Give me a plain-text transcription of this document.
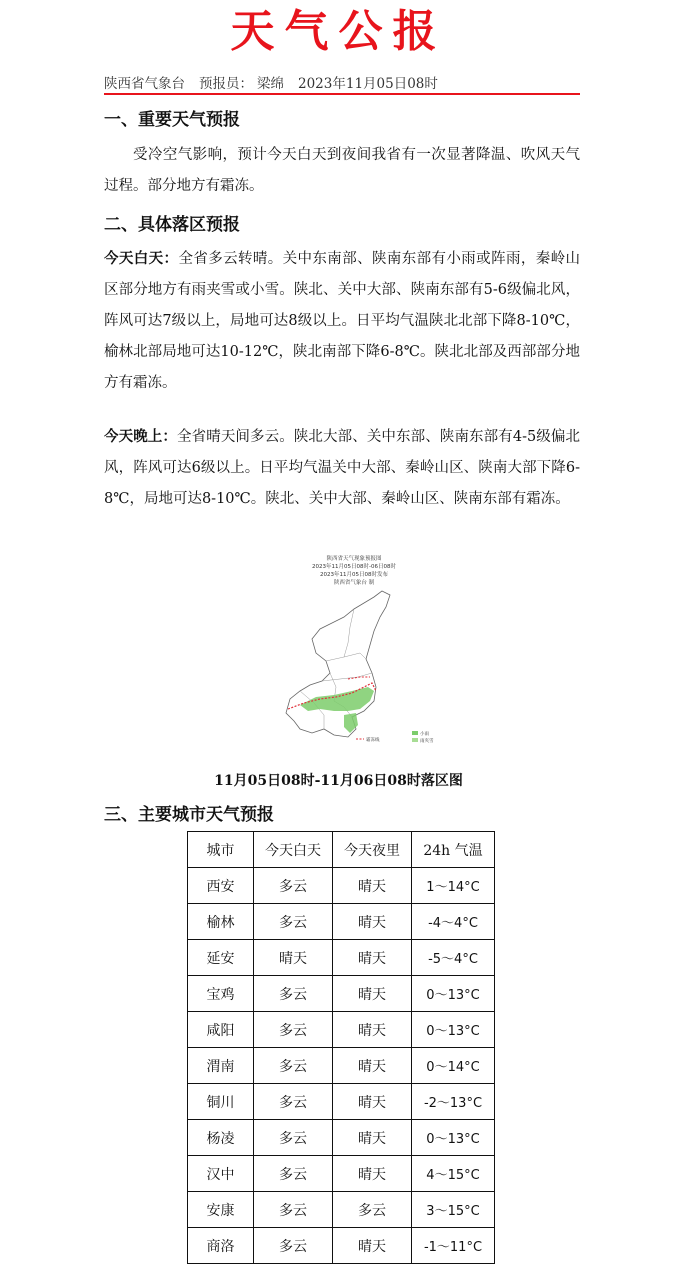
天气公报
陕西省气象台 预报员： 梁绵 2023年11月05日08时
一、重要天气预报

受冷空气影响，预计今天白天到夜间我省有一次显著降温、吹风天气过程。部分地方有霜冻。

二、具体落区预报

今天白天：全省多云转晴。关中东南部、陕南东部有小雨或阵雨，秦岭山区部分地方有雨夹雪或小雪。陕北、关中大部、陕南东部有5-6级偏北风，阵风可达7级以上，局地可达8级以上。日平均气温陕北北部下降8-10℃，榆林北部局地可达10-12℃，陕北南部下降6-8℃。陕北北部及西部部分地方有霜冻。

今天晚上：全省晴天间多云。陕北大部、关中东部、陕南东部有4-5级偏北风，阵风可达6级以上。日平均气温关中大部、秦岭山区、陕南大部下降6-8℃，局地可达8-10℃。陕北、关中大部、秦岭山区、陕南东部有霜冻。

陕西省天气现象预报图
2023年11月05日08时-06日08时
2023年11月05日08时发布
陕西省气象台 制
霜冻线
小雨
雨夹雪
11月05日08时-11月06日08时落区图
三、主要城市天气预报
城市	今天白天	今天夜里	24h 气温
西安	多云	晴天	1～14°C
榆林	多云	晴天	-4～4°C
延安	晴天	晴天	-5～4°C
宝鸡	多云	晴天	0～13°C
咸阳	多云	晴天	0～13°C
渭南	多云	晴天	0～14°C
铜川	多云	晴天	-2～13°C
杨凌	多云	晴天	0～13°C
汉中	多云	晴天	4～15°C
安康	多云	多云	3～15°C
商洛	多云	晴天	-1～11°C
